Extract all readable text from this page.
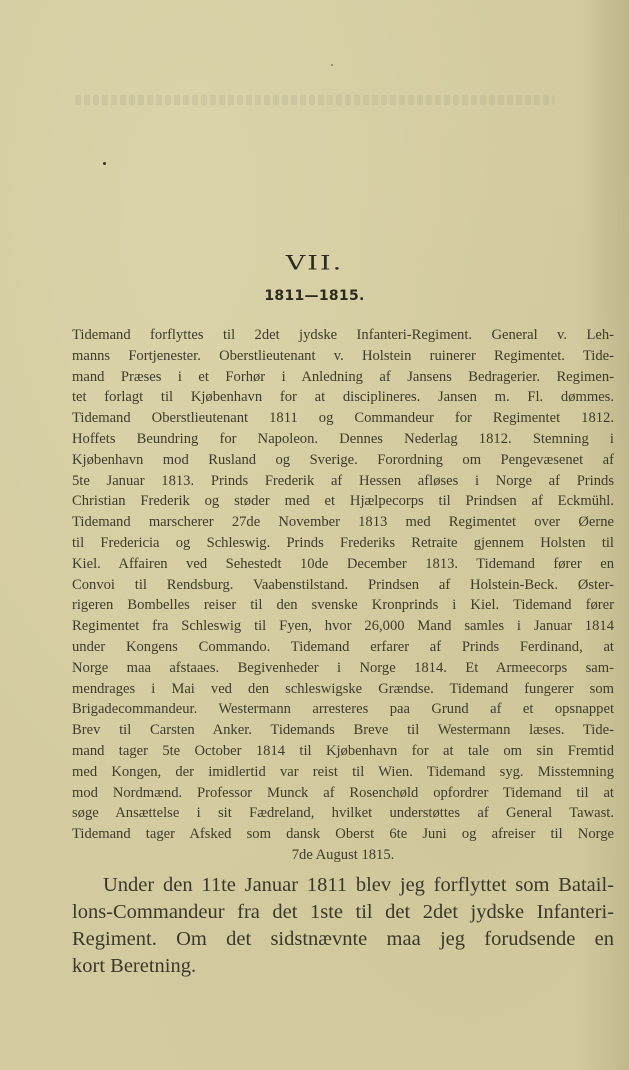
VII.
1811—1815.
Tidemand forflyttes til 2det jydske Infanteri-Regiment. General v. Leh-
manns Fortjenester. Oberstlieutenant v. Holstein ruinerer Regimentet. Tide-
mand Præses i et Forhør i Anledning af Jansens Bedragerier. Regimen-
tet forlagt til Kjøbenhavn for at disciplineres. Jansen m. Fl. dømmes.
Tidemand Oberstlieutenant 1811 og Commandeur for Regimentet 1812.
Hoffets Beundring for Napoleon. Dennes Nederlag 1812. Stemning i
Kjøbenhavn mod Rusland og Sverige. Forordning om Pengevæsenet af
5te Januar 1813. Prinds Frederik af Hessen afløses i Norge af Prinds
Christian Frederik og støder med et Hjælpecorps til Prindsen af Eckmühl.
Tidemand marscherer 27de November 1813 med Regimentet over Øerne
til Fredericia og Schleswig. Prinds Frederiks Retraite gjennem Holsten til
Kiel. Affairen ved Sehestedt 10de December 1813. Tidemand fører en
Convoi til Rendsburg. Vaabenstilstand. Prindsen af Holstein-Beck. Øster-
rigeren Bombelles reiser til den svenske Kronprinds i Kiel. Tidemand fører
Regimentet fra Schleswig til Fyen, hvor 26,000 Mand samles i Januar 1814
under Kongens Commando. Tidemand erfarer af Prinds Ferdinand, at
Norge maa afstaaes. Begivenheder i Norge 1814. Et Armeecorps sam-
mendrages i Mai ved den schleswigske Grændse. Tidemand fungerer som
Brigadecommandeur. Westermann arresteres paa Grund af et opsnappet
Brev til Carsten Anker. Tidemands Breve til Westermann læses. Tide-
mand tager 5te October 1814 til Kjøbenhavn for at tale om sin Fremtid
med Kongen, der imidlertid var reist til Wien. Tidemand syg. Misstemning
mod Nordmænd. Professor Munck af Rosenchøld opfordrer Tidemand til at
søge Ansættelse i sit Fædreland, hvilket understøttes af General Tawast.
Tidemand tager Afsked som dansk Oberst 6te Juni og afreiser til Norge
7de August 1815.
Under den 11te Januar 1811 blev jeg forflyttet som Batail-
lons-Commandeur fra det 1ste til det 2det jydske Infanteri-
Regiment. Om det sidstnævnte maa jeg forudsende en
kort Beretning.
